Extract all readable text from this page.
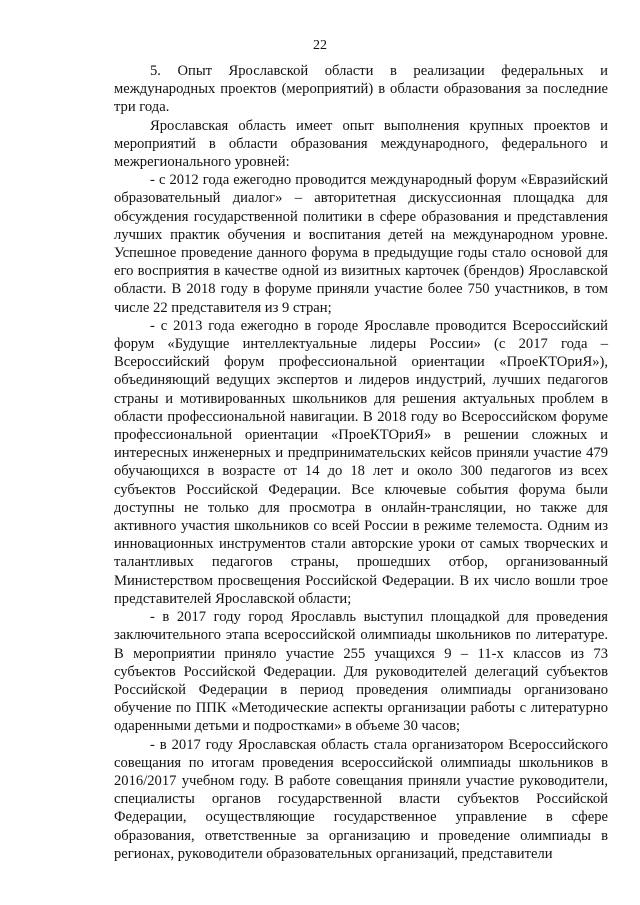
22

5. Опыт Ярославской области в реализации федеральных и международных проектов (мероприятий) в области образования за последние три года.

Ярославская область имеет опыт выполнения крупных проектов и мероприятий в области образования международного, федерального и межрегионального уровней:

- с 2012 года ежегодно проводится международный форум «Евразийский образовательный диалог» – авторитетная дискуссионная площадка для обсуждения государственной политики в сфере образования и представления лучших практик обучения и воспитания детей на международном уровне. Успешное проведение данного форума в предыдущие годы стало основой для его восприятия в качестве одной из визитных карточек (брендов) Ярославской области. В 2018 году в форуме приняли участие более 750 участников, в том числе 22 представителя из 9 стран;

- с 2013 года ежегодно в городе Ярославле проводится Всероссийский форум «Будущие интеллектуальные лидеры России» (с 2017 года – Всероссийский форум профессиональной ориентации «ПроеКТОриЯ»), объединяющий ведущих экспертов и лидеров индустрий, лучших педагогов страны и мотивированных школьников для решения актуальных проблем в области профессиональной навигации. В 2018 году во Всероссийском форуме профессиональной ориентации «ПроеКТОриЯ» в решении сложных и интересных инженерных и предпринимательских кейсов приняли участие 479 обучающихся в возрасте от 14 до 18 лет и около 300 педагогов из всех субъектов Российской Федерации. Все ключевые события форума были доступны не только для просмотра в онлайн-трансляции, но также для активного участия школьников со всей России в режиме телемоста. Одним из инновационных инструментов стали авторские уроки от самых творческих и талантливых педагогов страны, прошедших отбор, организованный Министерством просвещения Российской Федерации. В их число вошли трое представителей Ярославской области;

- в 2017 году город Ярославль выступил площадкой для проведения заключительного этапа всероссийской олимпиады школьников по литературе. В мероприятии приняло участие 255 учащихся 9 – 11-х классов из 73 субъектов Российской Федерации. Для руководителей делегаций субъектов Российской Федерации в период проведения олимпиады организовано обучение по ППК «Методические аспекты организации работы с литературно одаренными детьми и подростками» в объеме 30 часов;

- в 2017 году Ярославская область стала организатором Всероссийского совещания по итогам проведения всероссийской олимпиады школьников в 2016/2017 учебном году. В работе совещания приняли участие руководители, специалисты органов государственной власти субъектов Российской Федерации, осуществляющие государственное управление в сфере образования, ответственные за организацию и проведение олимпиады в регионах, руководители образовательных организаций, представители
